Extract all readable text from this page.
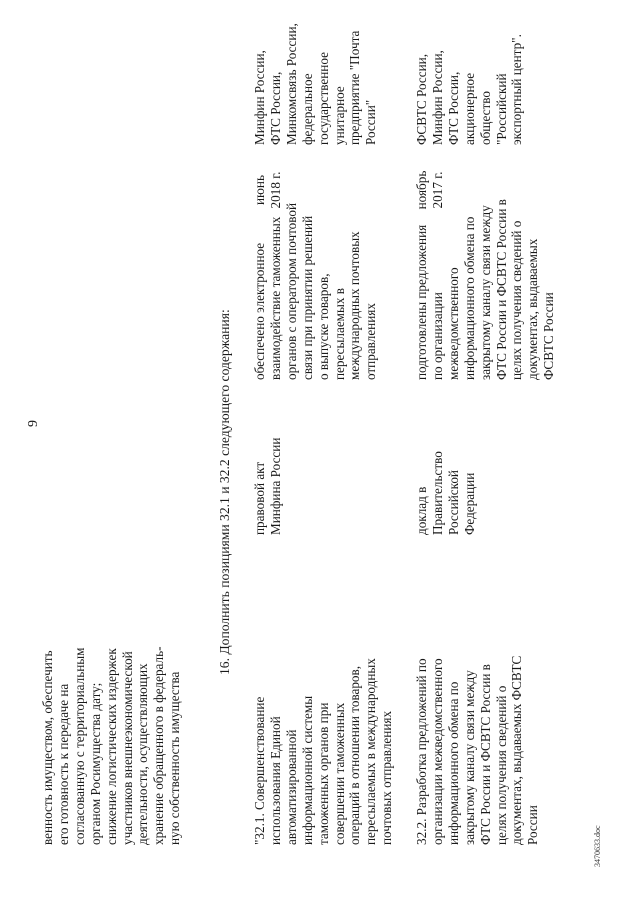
9
венность имуществом, обеспечить его готовность к передаче на согласованную с территориальным органом Росимущества дату; снижение логистических издержек участников внешнеэкономической деятельности, осуществляющих хранение обращенного в федераль- ную собственность имущества
16. Дополнить позициями 32.1 и 32.2 следующего содержания:
"32.1. Совершенствование использования Единой автоматизированной информационной системы таможенных органов при совершении таможенных операций в отношении товаров, пересылаемых в международных почтовых отправлениях
правовой акт Минфина России
обеспечено электронное взаимодействие таможенных органов с оператором почтовой связи при принятии решений о выпуске товаров, пересылаемых в международных почтовых отправлениях
июнь 2018 г.
Минфин России, ФТС России, Минкомсвязь России, федеральное государственное унитарное предприятие "Почта России"
32.2. Разработка предложений по организации межведомственного информационного обмена по закрытому каналу связи между ФТС России и ФСВТС России в целях получения сведений о документах, выдаваемых ФСВТС России
доклад в Правительство Российской Федерации
подготовлены предложения по организации межведомственного информационного обмена по закрытому каналу связи между ФТС России и ФСВТС России в целях получения сведений о документах, выдаваемых ФСВТС России
ноябрь 2017 г.
ФСВТС России, Минфин России, ФТС России, акционерное общество "Российский экспортный центр".
3470633.doc
